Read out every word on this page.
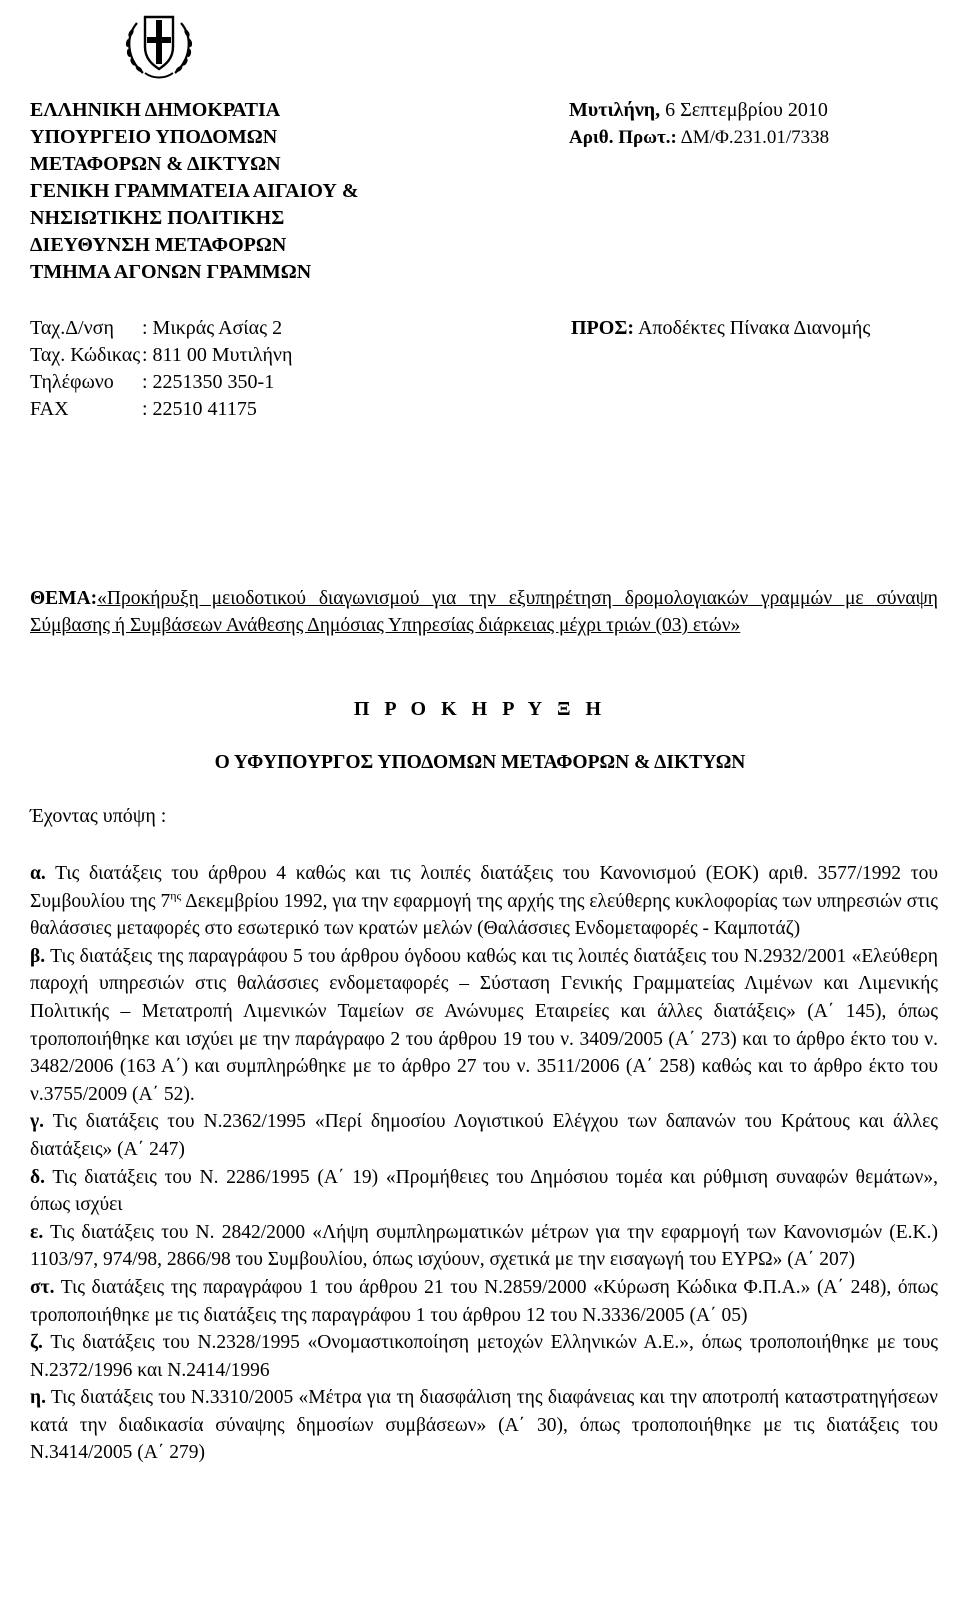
ΕΛΛΗΝΙΚΗ ΔΗΜΟΚΡΑΤΙΑ
ΥΠΟΥΡΓΕΙΟ ΥΠΟΔΟΜΩΝ
ΜΕΤΑΦΟΡΩΝ & ΔΙΚΤΥΩΝ
ΓΕΝΙΚΗ ΓΡΑΜΜΑΤΕΙΑ ΑΙΓΑΙΟΥ &
ΝΗΣΙΩΤΙΚΗΣ ΠΟΛΙΤΙΚΗΣ
ΔΙΕΥΘΥΝΣΗ ΜΕΤΑΦΟΡΩΝ
ΤΜΗΜΑ ΑΓΟΝΩΝ ΓΡΑΜΜΩΝ
Μυτιλήνη, 6 Σεπτεμβρίου 2010
Αριθ. Πρωτ.: ΔΜ/Φ.231.01/7338
Ταχ.Δ/νση : Μικράς Ασίας 2
Ταχ. Κώδικας: 811 00 Μυτιλήνη
Τηλέφωνο : 2251350 350-1
FAX	: 22510 41175
ΠΡΟΣ: Αποδέκτες Πίνακα Διανομής
ΘΕΜΑ:«Προκήρυξη μειοδοτικού διαγωνισμού για την εξυπηρέτηση δρομολογιακών γραμμών με σύναψη Σύμβασης ή Συμβάσεων Ανάθεσης Δημόσιας Υπηρεσίας διάρκειας μέχρι τριών (03) ετών»
Π Ρ Ο Κ Η Ρ Υ Ξ Η
Ο ΥΦΥΠΟΥΡΓΟΣ ΥΠΟΔΟΜΩΝ ΜΕΤΑΦΟΡΩΝ & ΔΙΚΤΥΩΝ
Έχοντας υπόψη :

α. Τις διατάξεις του άρθρου 4 καθώς και τις λοιπές διατάξεις του Κανονισμού (ΕΟΚ) αριθ. 3577/1992 του Συμβουλίου της $7^{\eta\varsigma}$ Δεκεμβρίου 1992, για την εφαρμογή της αρχής της ελεύθερης κυκλοφορίας των υπηρεσιών στις θαλάσσιες μεταφορές στο εσωτερικό των κρατών μελών (Θαλάσσιες Ενδομεταφορές - Καμποτάζ)

β. Τις διατάξεις της παραγράφου 5 του άρθρου όγδοου καθώς και τις λοιπές διατάξεις του Ν.2932/2001 «Ελεύθερη παροχή υπηρεσιών στις θαλάσσιες ενδομεταφορές – Σύσταση Γενικής Γραμματείας Λιμένων και Λιμενικής Πολιτικής – Μετατροπή Λιμενικών Ταμείων σε Ανώνυμες Εταιρείες και άλλες διατάξεις» (Α΄ 145), όπως τροποποιήθηκε και ισχύει με την παράγραφο 2 του άρθρου 19 του ν. 3409/2005 (Α΄ 273) και το άρθρο έκτο του ν. 3482/2006 (163 Α΄) και συμπληρώθηκε με το άρθρο 27 του ν. 3511/2006 (Α΄ 258) καθώς και το άρθρο έκτο του ν.3755/2009 (Α΄ 52).

γ. Τις διατάξεις του Ν.2362/1995 «Περί δημοσίου Λογιστικού Ελέγχου των δαπανών του Κράτους και άλλες διατάξεις» (Α΄ 247)

δ. Τις διατάξεις του Ν. 2286/1995 (Α΄ 19) «Προμήθειες του Δημόσιου τομέα και ρύθμιση συναφών θεμάτων», όπως ισχύει

ε. Τις διατάξεις του Ν. 2842/2000 «Λήψη συμπληρωματικών μέτρων για την εφαρμογή των Κανονισμών (Ε.Κ.) 1103/97, 974/98, 2866/98 του Συμβουλίου, όπως ισχύουν, σχετικά με την εισαγωγή του ΕΥΡΩ» (Α΄ 207)

στ. Τις διατάξεις της παραγράφου 1 του άρθρου 21 του Ν.2859/2000 «Κύρωση Κώδικα Φ.Π.Α.» (Α΄ 248), όπως τροποποιήθηκε με τις διατάξεις της παραγράφου 1 του άρθρου 12 του Ν.3336/2005 (Α΄ 05)

ζ. Τις διατάξεις του Ν.2328/1995 «Ονομαστικοποίηση μετοχών Ελληνικών Α.Ε.», όπως τροποποιήθηκε με τους Ν.2372/1996 και Ν.2414/1996

η. Τις διατάξεις του Ν.3310/2005 «Μέτρα για τη διασφάλιση της διαφάνειας και την αποτροπή καταστρατηγήσεων κατά την διαδικασία σύναψης δημοσίων συμβάσεων» (Α΄ 30), όπως τροποποιήθηκε με τις διατάξεις του Ν.3414/2005 (Α΄ 279)
